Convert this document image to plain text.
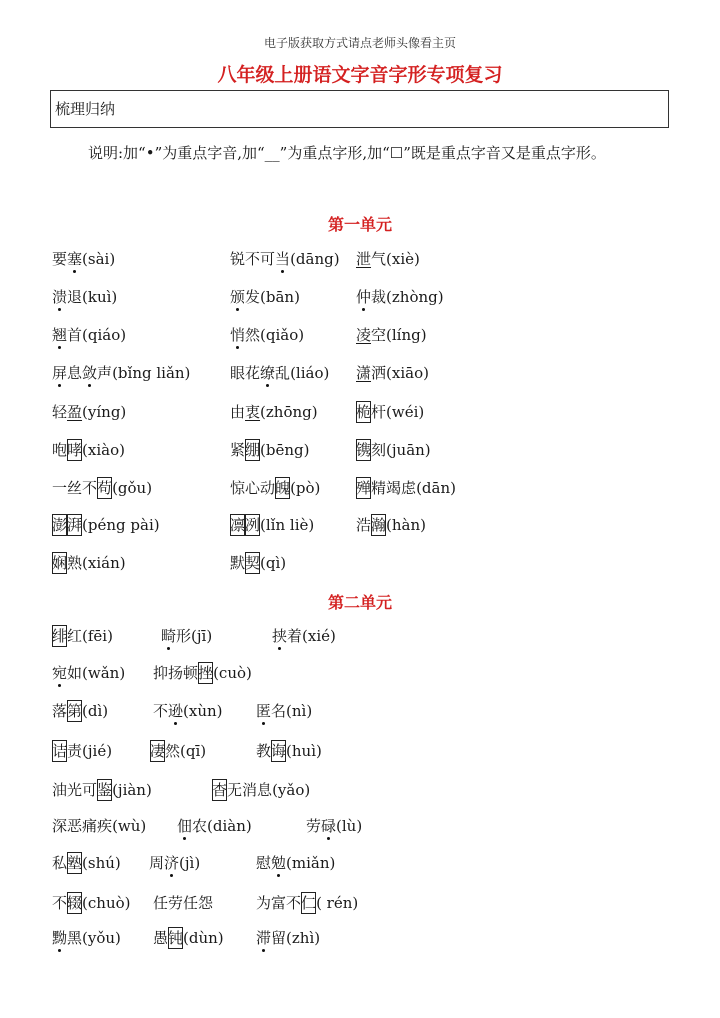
电子版获取方式请点老师头像看主页
八年级上册语文字音字形专项复习
梳理归纳
说明:加“•”为重点字音,加“__”为重点字形,加“☐”既是重点字音又是重点字形。
第一单元
第二单元
要塞(sài)	锐不可当(dāng) 泄气(xiè)
溃退(kuì)	颁发(bān)	仲裁(zhòng)
翘首(qiáo)	悄然(qiǎo)	凌空(líng)
屏息敛声(bǐng liǎn)	眼花缭乱(liáo) 潇洒(xiāo)
轻盈(yíng)	由衷(zhōng)	桅杆(wéi)
咆哮(xiào)	紧绷(bēng)	镌刻(juān)
一丝不苟(gǒu)	惊心动魄(pò) 殚精竭虑(dān)
澎湃(péng pài)	凛冽(lǐn liè)	浩瀚(hàn)
娴熟(xián)	默契(qì)
绯红(fēi)	畸形(jī)	挟着(xié)
宛如(wǎn) 抑扬顿挫(cuò)
落第(dì)	不逊(xùn) 匿名(nì)
诘责(jié)	凄然(qī)	教诲(huì)
油光可鉴(jiàn)	杳无消息(yǎo)
深恶痛疾(wù) 佃农(diàn)	劳碌(lù)
私塾(shú) 周济(jì)	慰勉(miǎn)
不辍(chuò) 任劳任怨	为富不仁( rén)
黝黑(yǒu) 愚钝(dùn) 滞留(zhì)
